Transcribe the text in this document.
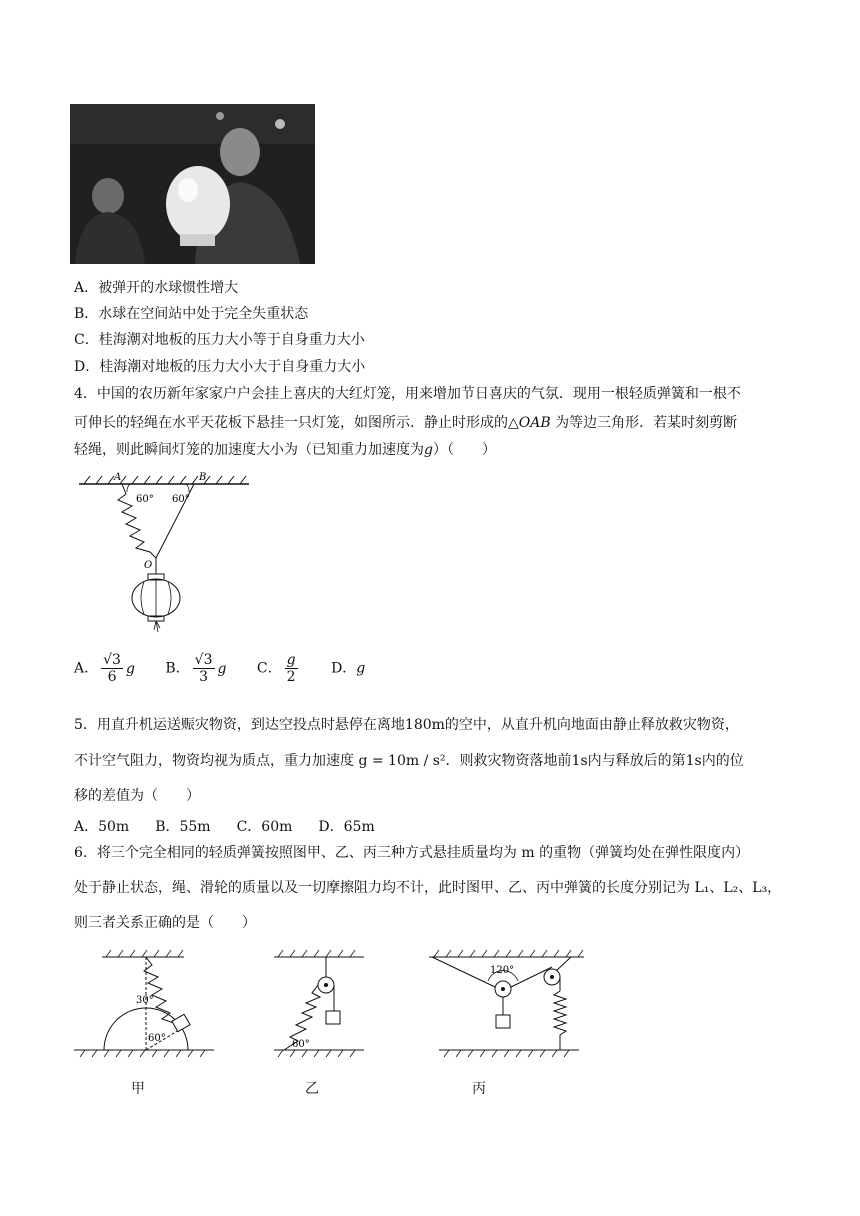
A．被弹开的水球惯性增大
B．水球在空间站中处于完全失重状态
C．桂海潮对地板的压力大小等于自身重力大小
D．桂海潮对地板的压力大小大于自身重力大小
4．中国的农历新年家家户户会挂上喜庆的大红灯笼，用来增加节日喜庆的气氛．现用一根轻质弹簧和一根不
可伸长的轻绳在水平天花板下悬挂一只灯笼，如图所示．静止时形成的△OAB 为等边三角形．若某时刻剪断
轻绳，则此瞬间灯笼的加速度大小为（已知重力加速度为g）（　　）
A	B
60° 60°
O
A． $\frac{√3}{6}$ g B． $\frac{√3}{3}$ g C． $\frac{g}{2}$ D．g
5．用直升机运送赈灾物资，到达空投点时悬停在离地180m的空中，从直升机向地面由静止释放救灾物资，
不计空气阻力，物资均视为质点，重力加速度 g = 10m / s²．则救灾物资落地前1s内与释放后的第1s内的位
移的差值为（　　）
A．50m B．55m C．60m D．65m
6．将三个完全相同的轻质弹簧按照图甲、乙、丙三种方式悬挂质量均为 m 的重物（弹簧均处在弹性限度内）
处于静止状态，绳、滑轮的质量以及一切摩擦阻力均不计，此时图甲、乙、丙中弹簧的长度分别记为 L₁、L₂、L₃，
则三者关系正确的是（　　）
30°
60°
60°
120°
甲	乙	丙
